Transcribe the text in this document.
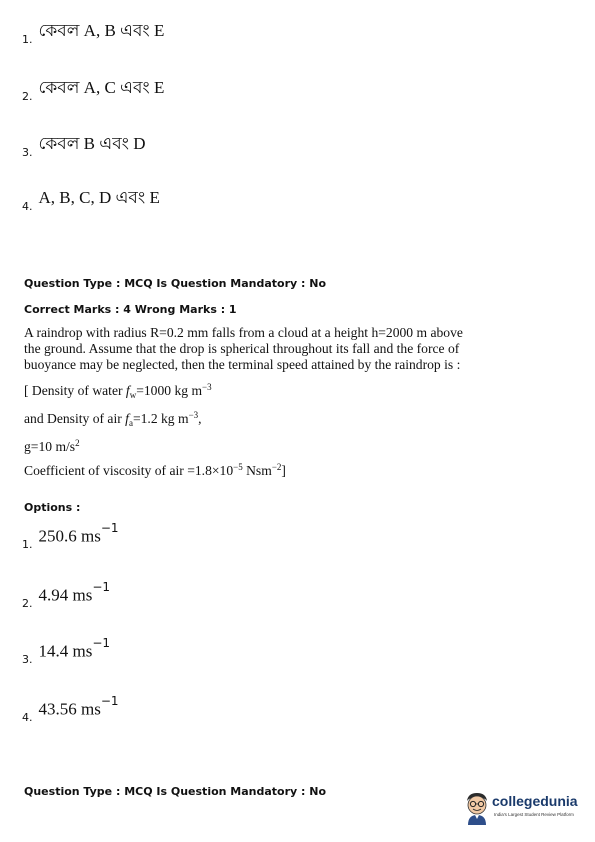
$_{1.}$ কেবল A, B এবং E
$_{2.}$ কেবল A, C এবং E
$_{3.}$ কেবল B এবং D
$_{4.}$ A, B, C, D এবং E
Question Type : MCQ Is Question Mandatory : No
Correct Marks : 4 Wrong Marks : 1

A raindrop with radius R=0.2 mm falls from a cloud at a height h=2000 m above the ground. Assume that the drop is spherical throughout its fall and the force of buoyance may be neglected, then the terminal speed attained by the raindrop is :

[ Density of water $f_w=1000$ kg $m^{-3}$
and Density of air $f_a=1.2$ kg $m^{-3}$,
g=10 $m/s^2$
Coefficient of viscosity of air $=1.8\times 10^{-5}$ Nsm$^{-2}$]
Options :
$_{1.}$ 250.6 $ms^{-1}$
$_{2.}$ 4.94 $ms^{-1}$
$_{3.}$ 14.4 $ms^{-1}$
$_{4.}$ 43.56 $ms^{-1}$
Question Type : MCQ Is Question Mandatory : No
collegedunia
India's Largest Student Review Platform
